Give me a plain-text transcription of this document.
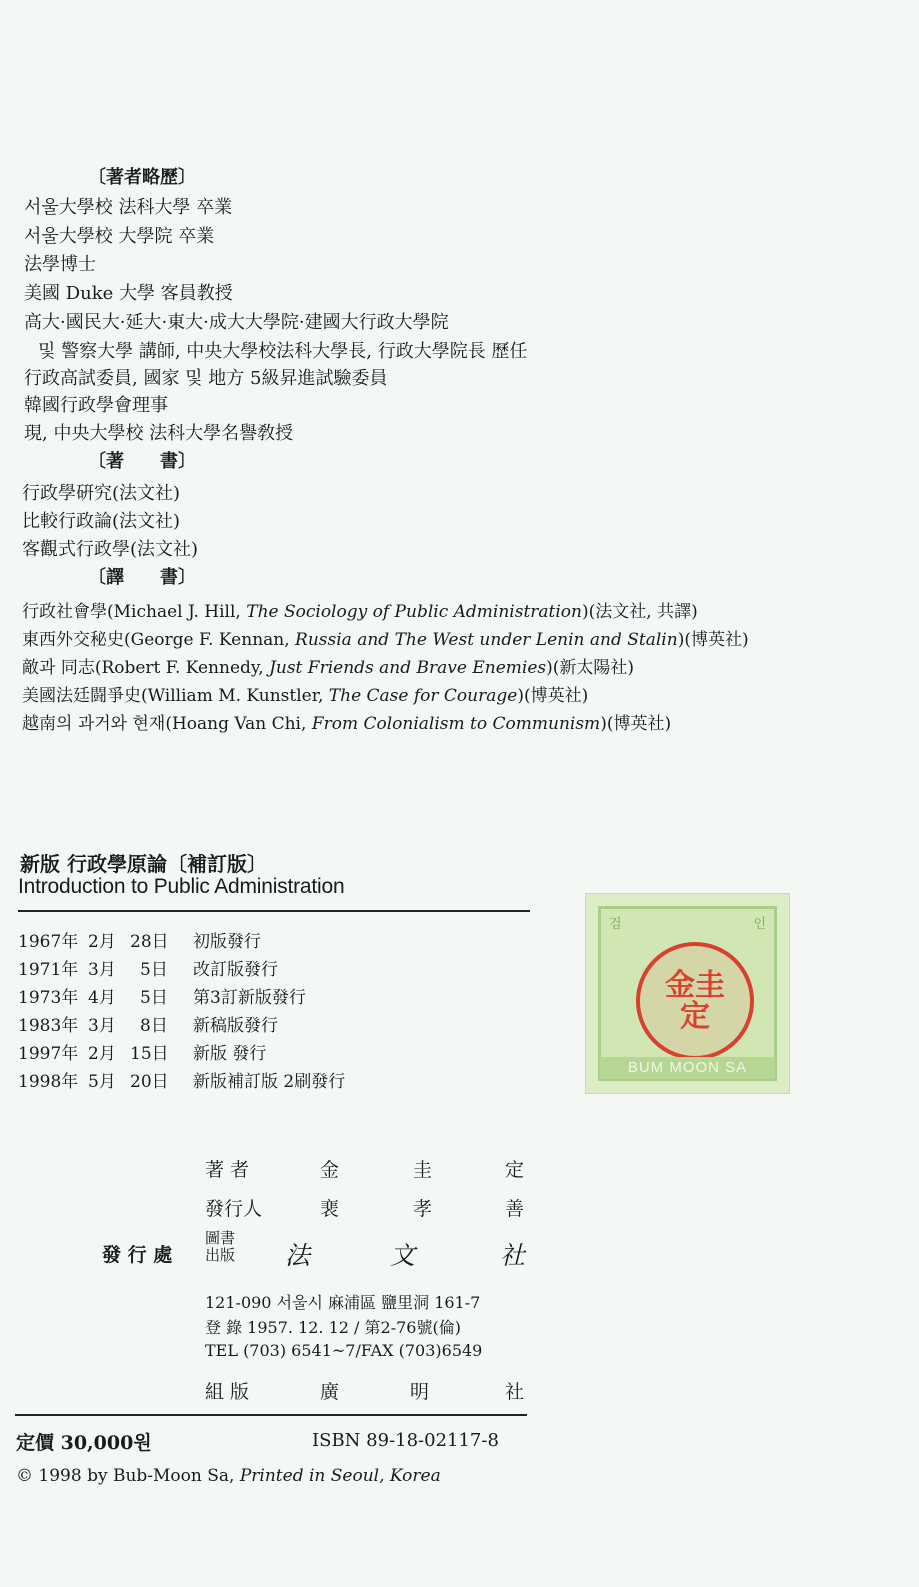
〔著者略歷〕
서울大學校 法科大學 卒業
서울大學校 大學院 卒業
法學博士
美國 Duke 大學 客員教授
高大·國民大·延大·東大·成大大學院·建國大行政大學院
및 警察大學 講師, 中央大學校法科大學長, 行政大學院長 歷任
行政高試委員, 國家 및 地方 5級昇進試驗委員
韓國行政學會理事
現, 中央大學校 法科大學名譽敎授
〔著　　書〕
行政學硏究(法文社)
比較行政論(法文社)
客觀式行政學(法文社)
〔譯　　書〕
行政社會學(Michael J. Hill, The Sociology of Public Administration)(法文社, 共譯)
東西外交秘史(George F. Kennan, Russia and The West under Lenin and Stalin)(博英社)
敵과 同志(Robert F. Kennedy, Just Friends and Brave Enemies)(新太陽社)
美國法廷闘爭史(William M. Kunstler, The Case for Courage)(博英社)
越南의 과거와 현재(Hoang Van Chi, From Colonialism to Communism)(博英社)
新版 行政學原論〔補訂版〕
Introduction to Public Administration
1967年 2月 28日 初版發行
1971年 3月 5日 改訂版發行
1973年 4月 5日 第3訂新版發行
1983年 3月 8日 新稿版發行
1997年 2月 15日 新版 發行
1998年 5月 20日 新版補訂版 2刷發行
검	인
金圭
定
BUM MOON SA
著 者	金	圭	定
發行人	裵	孝	善
發 行 處
圖書
出版 法	文	社
121-090 서울시 麻浦區 鹽里洞 161-7
登 錄 1957. 12. 12 / 第2-76號(倫)
TEL (703) 6541~7/FAX (703)6549
組 版	廣	明	社
定價 30,000원	ISBN 89-18-02117-8
© 1998 by Bub-Moon Sa, Printed in Seoul, Korea
